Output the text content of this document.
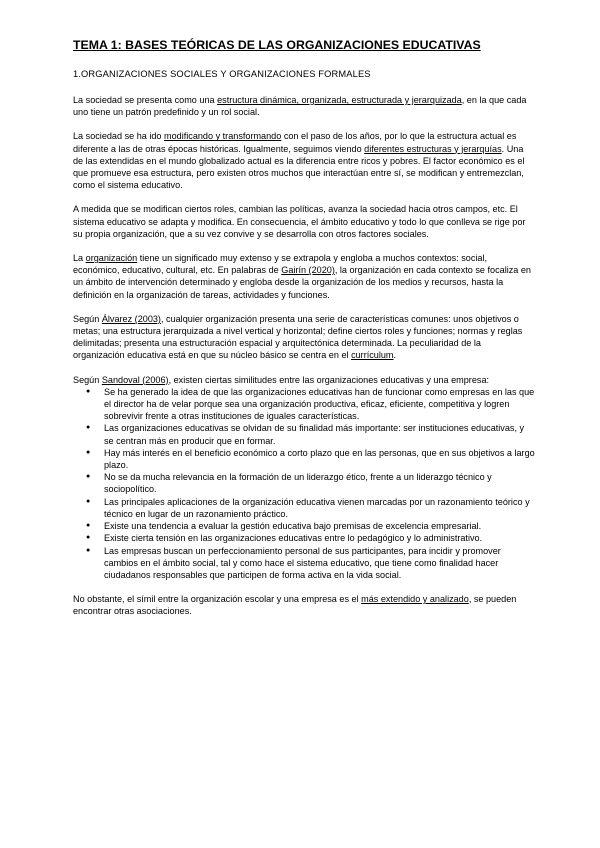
TEMA 1: BASES TEÓRICAS DE LAS ORGANIZACIONES EDUCATIVAS
1.ORGANIZACIONES SOCIALES Y ORGANIZACIONES FORMALES

La sociedad se presenta como una estructura dinámica, organizada, estructurada y jerarquizada, en la que cada uno tiene un patrón predefinido y un rol social.

La sociedad se ha ido modificando y transformando con el paso de los años, por lo que la estructura actual es diferente a las de otras épocas históricas. Igualmente, seguimos viendo diferentes estructuras y jerarquías. Una de las extendidas en el mundo globalizado actual es la diferencia entre ricos y pobres. El factor económico es el que promueve esa estructura, pero existen otros muchos que interactúan entre sí, se modifican y entremezclan, como el sistema educativo.

A medida que se modifican ciertos roles, cambian las políticas, avanza la sociedad hacia otros campos, etc. El sistema educativo se adapta y modifica. En consecuencia, el ámbito educativo y todo lo que conlleva se rige por su propia organización, que a su vez convive y se desarrolla con otros factores sociales.

La organización tiene un significado muy extenso y se extrapola y engloba a muchos contextos: social, económico, educativo, cultural, etc. En palabras de Gairín (2020), la organización en cada contexto se focaliza en un ámbito de intervención determinado y engloba desde la organización de los medios y recursos, hasta la definición en la organización de tareas, actividades y funciones.

Según Álvarez (2003), cualquier organización presenta una serie de características comunes: unos objetivos o metas; una estructura jerarquizada a nivel vertical y horizontal; define ciertos roles y funciones; normas y reglas delimitadas; presenta una estructuración espacial y arquitectónica determinada. La peculiaridad de la organización educativa está en que su núcleo básico se centra en el currículum.

Según Sandoval (2006), existen ciertas similitudes entre las organizaciones educativas y una empresa:

● Se ha generado la idea de que las organizaciones educativas han de funcionar como empresas en las que el director ha de velar porque sea una organización productiva, eficaz, eficiente, competitiva y logren sobrevivir frente a otras instituciones de iguales características.
● Las organizaciones educativas se olvidan de su finalidad más importante: ser instituciones educativas, y se centran más en producir que en formar.
● Hay más interés en el beneficio económico a corto plazo que en las personas, que en sus objetivos a largo plazo.
● No se da mucha relevancia en la formación de un liderazgo ético, frente a un liderazgo técnico y sociopolítico.
● Las principales aplicaciones de la organización educativa vienen marcadas por un razonamiento teórico y técnico en lugar de un razonamiento práctico.
● Existe una tendencia a evaluar la gestión educativa bajo premisas de excelencia empresarial.
● Existe cierta tensión en las organizaciones educativas entre lo pedagógico y lo administrativo.
● Las empresas buscan un perfeccionamiento personal de sus participantes, para incidir y promover cambios en el ámbito social, tal y como hace el sistema educativo, que tiene como finalidad hacer ciudadanos responsables que participen de forma activa en la vida social.

No obstante, el símil entre la organización escolar y una empresa es el más extendido y analizado, se pueden encontrar otras asociaciones.
